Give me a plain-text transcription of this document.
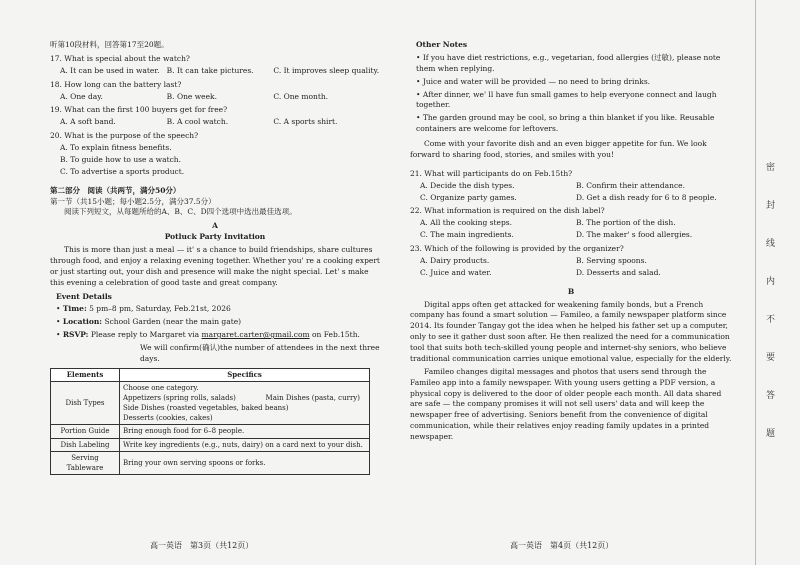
听第10段材料，回答第17至20题。
17. What is special about the watch?
A. It can be used in water. B. It can take pictures.	C. It improves sleep quality.
18. How long can the battery last?
A. One day.	B. One week.	C. One month.
19. What can the first 100 buyers get for free?
A. A soft band.	B. A cool watch.	C. A sports shirt.
20. What is the purpose of the speech?
A. To explain fitness benefits.
B. To guide how to use a watch.
C. To advertise a sports product.
第二部分　阅读（共两节，满分50分）
第一节（共15小题；每小题2.5分，满分37.5分）
阅读下列短文，从每题所给的A、B、C、D四个选项中选出最佳选项。
A
Potluck Party Invitation

This is more than just a meal — it' s a chance to build friendships, share cultures through food, and enjoy a relaxing evening together. Whether you' re a cooking expert or just starting out, your dish and presence will make the night special. Let' s make this evening a celebration of good taste and great company.

Event Details
• Time: 5 pm–8 pm, Saturday, Feb.21st, 2026
• Location: School Garden (near the main gate)
• RSVP: Please reply to Margaret via margaret.carter@gmail.com on Feb.15th.
We will confirm(确认)the number of attendees in the next three days.
Elements	Specifics
Dish Types	Choose one category.
Appetizers (spring rolls, salads) Main Dishes (pasta, curry)
Side Dishes (roasted vegetables, baked beans)
Desserts (cookies, cakes)

Portion Guide	Bring enough food for 6–8 people.
Dish Labeling	Write key ingredients (e.g., nuts, dairy) on a card next to your dish.
Serving Tableware	Bring your own serving spoons or forks.
高一英语　第3页（共12页）
Other Notes
• If you have diet restrictions, e.g., vegetarian, food allergies (过敏), please note them when replying.
• Juice and water will be provided — no need to bring drinks.
• After dinner, we' ll have fun small games to help everyone connect and laugh together.
• The garden ground may be cool, so bring a thin blanket if you like. Reusable containers are welcome for leftovers.

Come with your favorite dish and an even bigger appetite for fun. We look forward to sharing food, stories, and smiles with you!

21. What will participants do on Feb.15th?
A. Decide the dish types.	B. Confirm their attendance.
C. Organize party games.	D. Get a dish ready for 6 to 8 people.
22. What information is required on the dish label?
A. All the cooking steps.	B. The portion of the dish.
C. The main ingredients.	D. The maker' s food allergies.
23. Which of the following is provided by the organizer?
A. Dairy products.	B. Serving spoons.
C. Juice and water.	D. Desserts and salad.
B

Digital apps often get attacked for weakening family bonds, but a French company has found a smart solution — Famileo, a family newspaper platform since 2014. Its founder Tangay got the idea when he helped his father set up a computer, only to see it gather dust soon after. He then realized the need for a communication tool that suits both tech-skilled young people and internet-shy seniors, who believe traditional communication carries unique emotional value, especially for the elderly.

Famileo changes digital messages and photos that users send through the Famileo app into a family newspaper. With young users getting a PDF version, a physical copy is delivered to the door of older people each month. All data shared are safe — the company promises it will not sell users' data and will keep the newspaper free of advertising. Seniors benefit from the convenience of digital communication, while their relatives enjoy reading family updates in a printed newspaper.

高一英语　第4页（共12页）
密
封
线
内
不
要
答
题
